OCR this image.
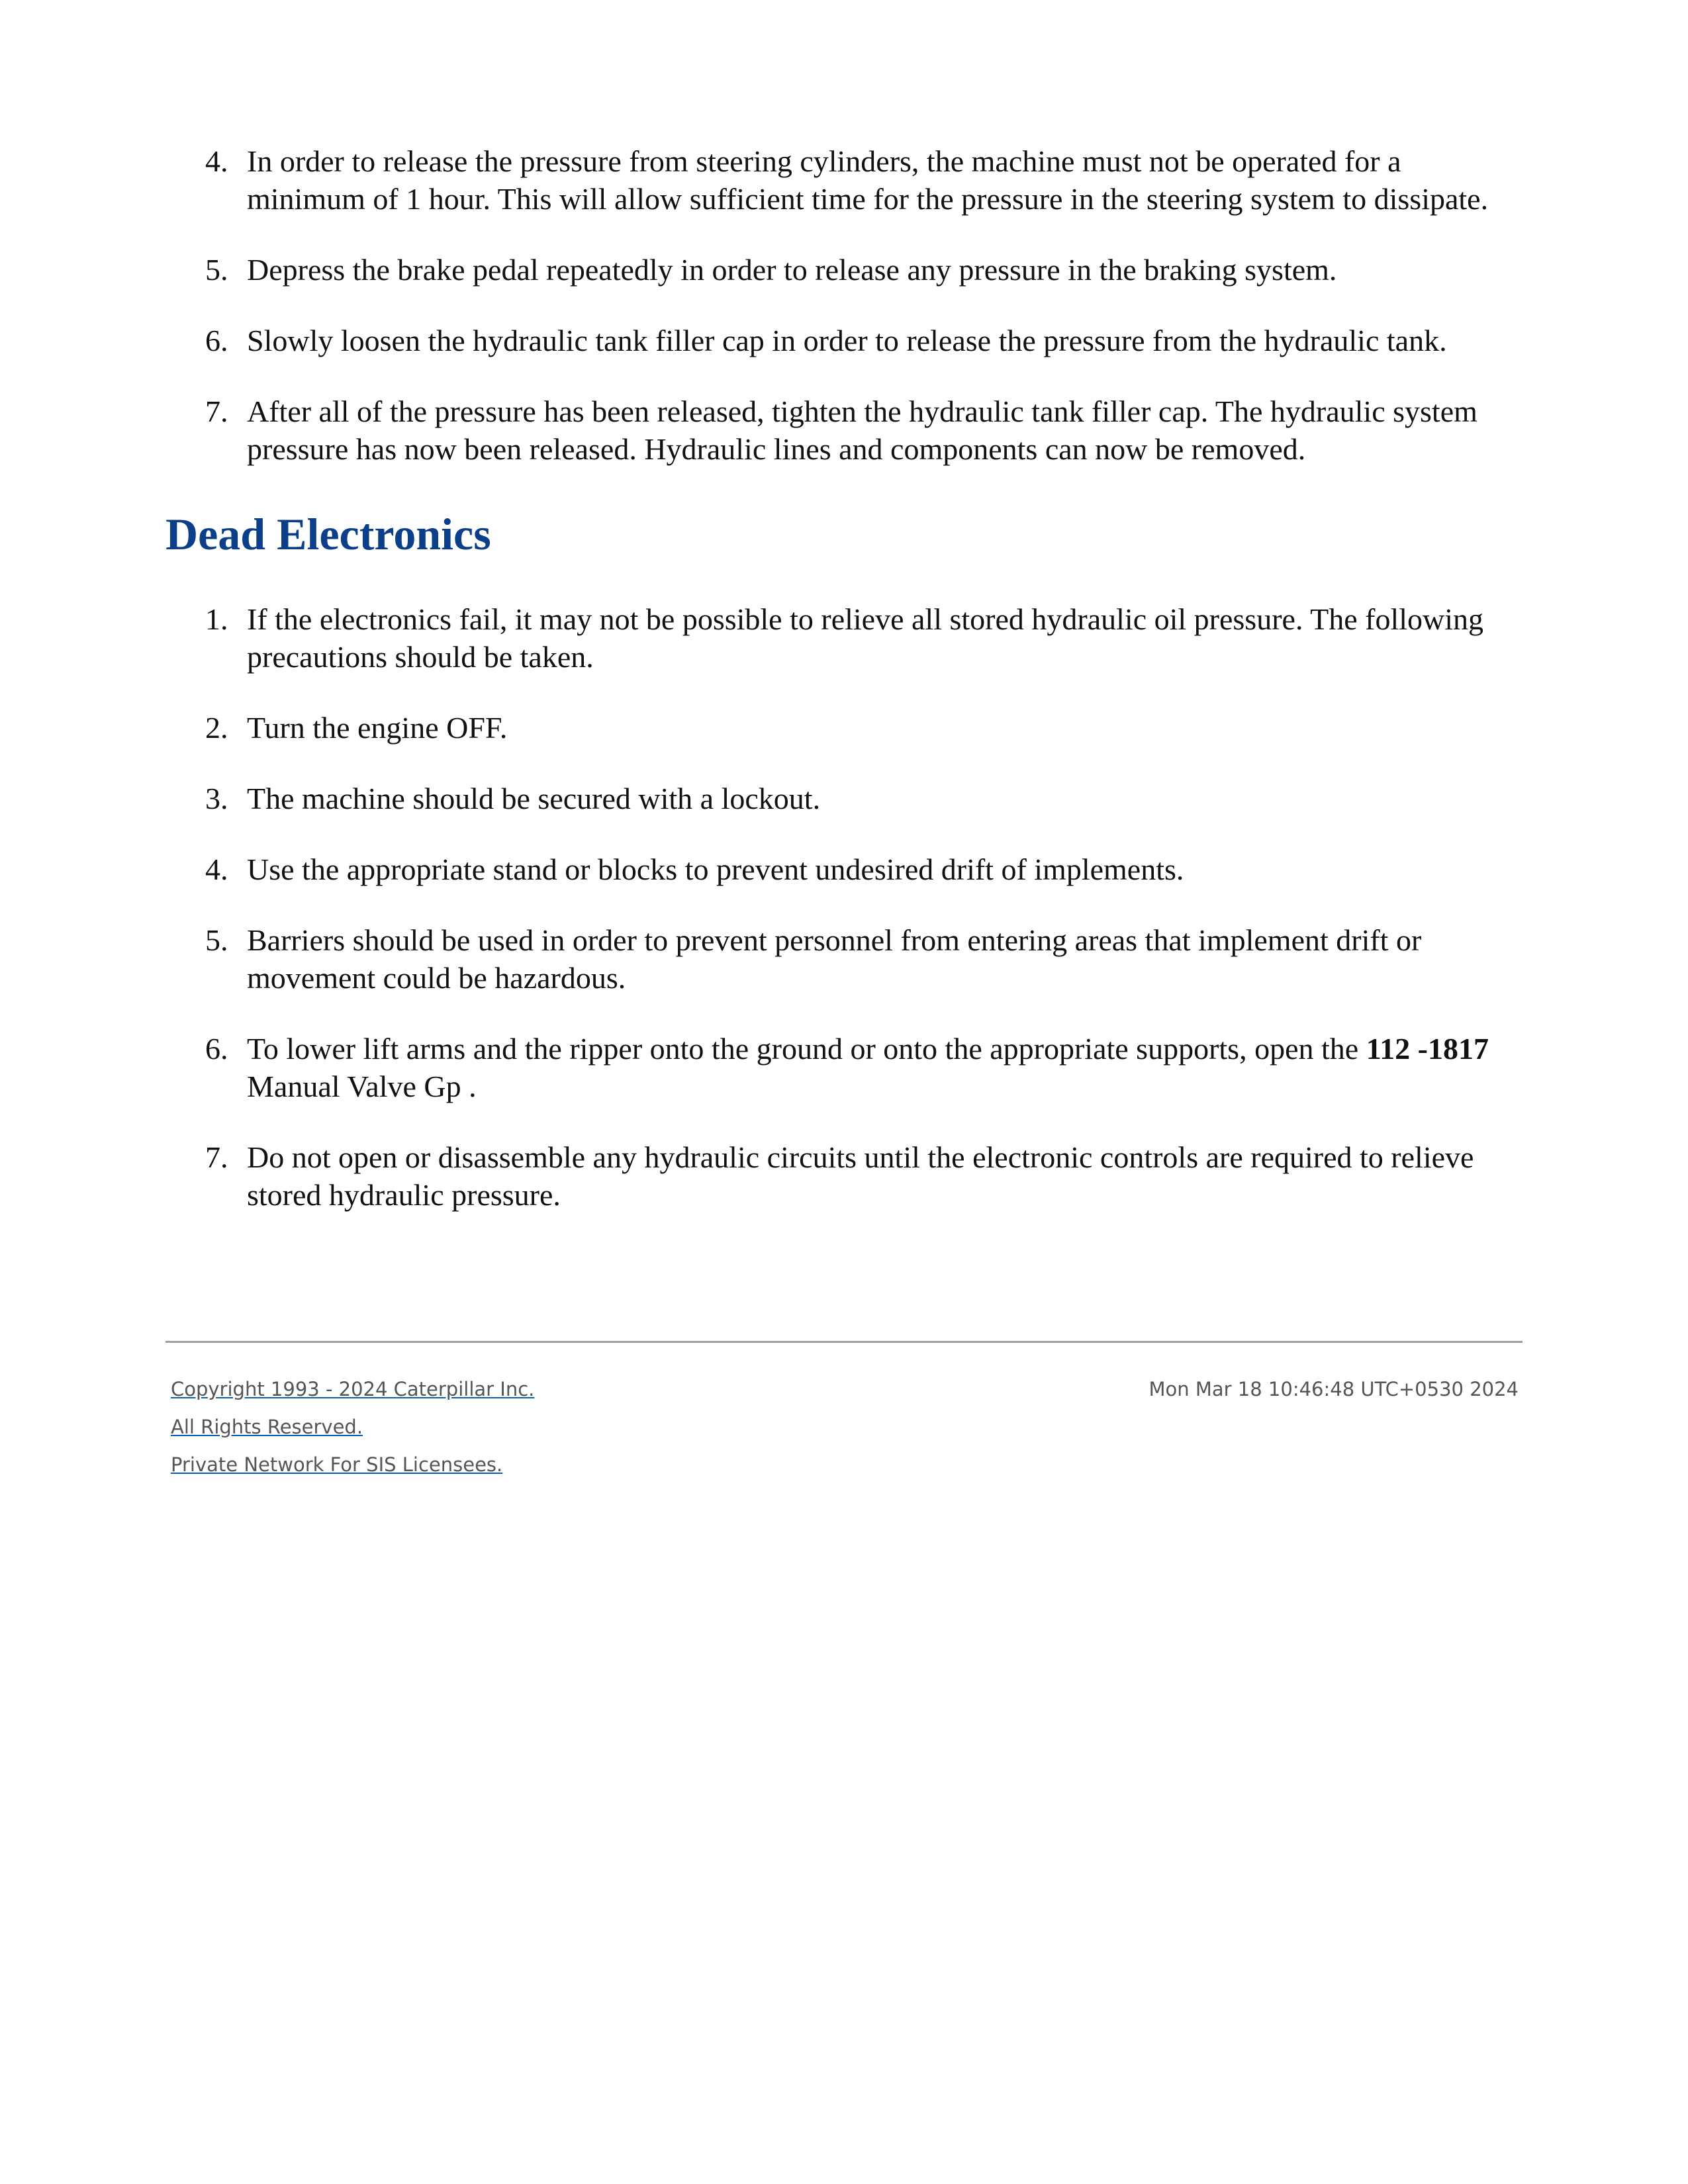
4. In order to release the pressure from steering cylinders, the machine must not be operated for a minimum of 1 hour. This will allow sufficient time for the pressure in the steering system to dissipate.
5. Depress the brake pedal repeatedly in order to release any pressure in the braking system.
6. Slowly loosen the hydraulic tank filler cap in order to release the pressure from the hydraulic tank.
7. After all of the pressure has been released, tighten the hydraulic tank filler cap. The hydraulic system pressure has now been released. Hydraulic lines and components can now be removed.
Dead Electronics
1. If the electronics fail, it may not be possible to relieve all stored hydraulic oil pressure. The following precautions should be taken.
2. Turn the engine OFF.
3. The machine should be secured with a lockout.
4. Use the appropriate stand or blocks to prevent undesired drift of implements.
5. Barriers should be used in order to prevent personnel from entering areas that implement drift or movement could be hazardous.
6. To lower lift arms and the ripper onto the ground or onto the appropriate supports, open the 112 -1817 Manual Valve Gp .
7. Do not open or disassemble any hydraulic circuits until the electronic controls are required to relieve stored hydraulic pressure.
Copyright 1993 - 2024 Caterpillar Inc.
All Rights Reserved.
Private Network For SIS Licensees.
Mon Mar 18 10:46:48 UTC+0530 2024
